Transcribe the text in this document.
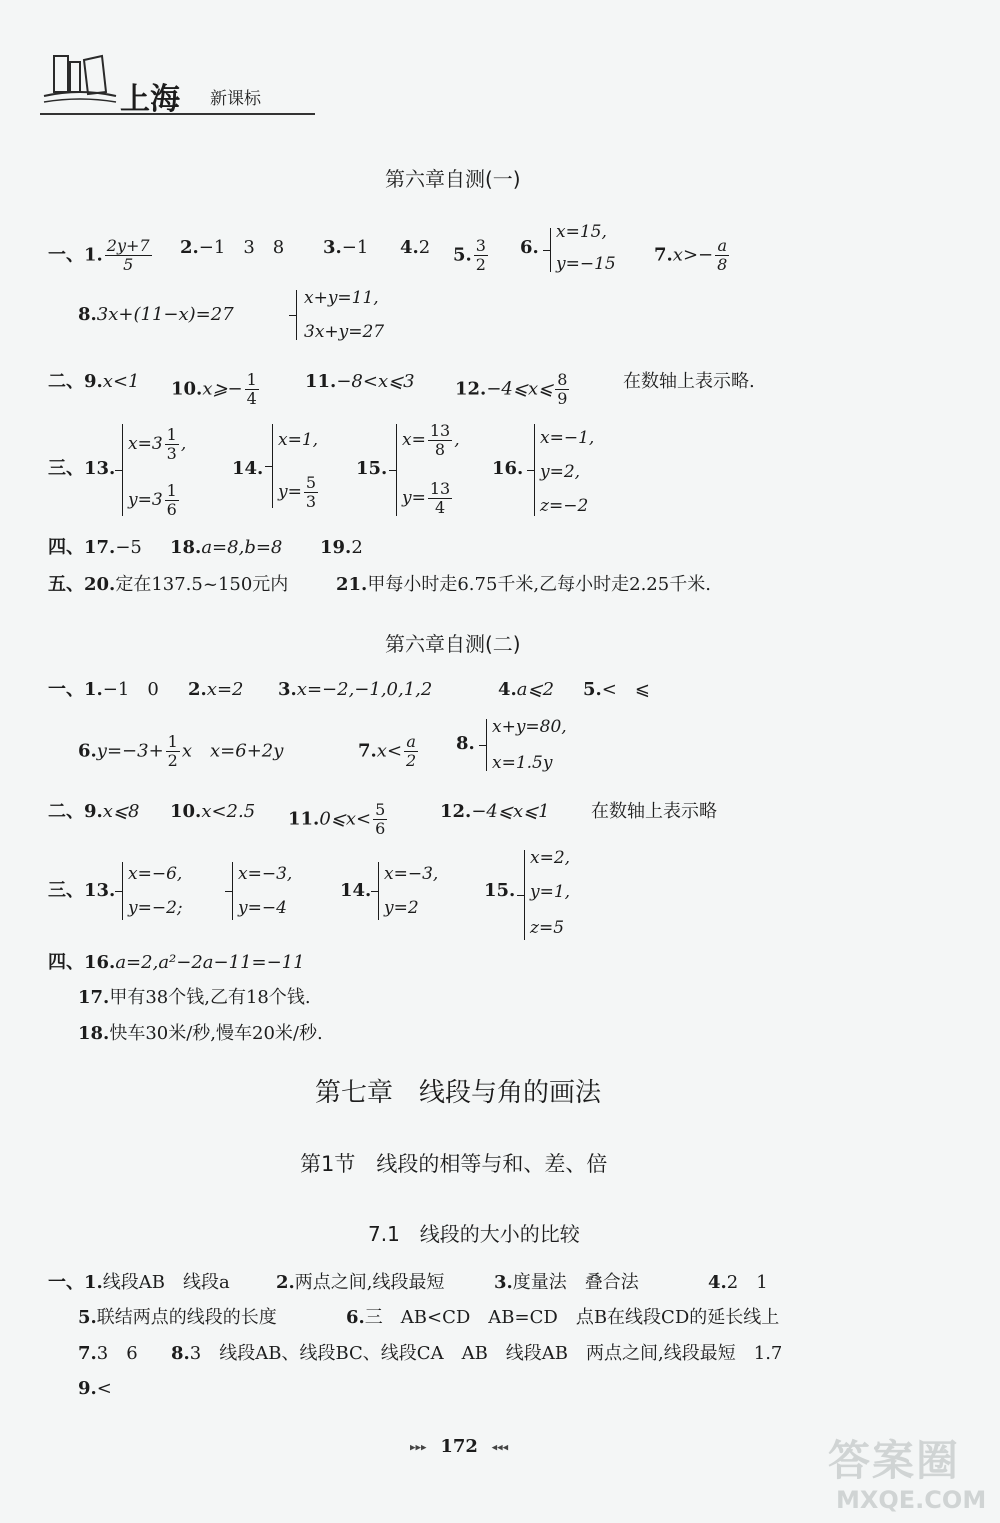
上海 新课标
第六章自测(一)
一、1. $\frac{2y+7}{5} 2.-1$　3　8 3.−1 4.2 5. $\frac{3}{2} 6$.
x=15,
y=−15 $7.x>- \frac{a}{8}$
8.3x+(11−x)=27
x+y=11,
3x+y=27
二、9.x<1 10.x⩾− $\frac{1}{4}$	11.−8<x⩽3 12.−4⩽x⩽ $\frac{8}{9}$	在数轴上表示略.
三、13.
$x=3 \frac{1}{3}$ ,
$y=3 \frac{1}{6}$
14.
x=1,
$y= \frac{5}{3}$
15.
$x= \frac{13}{8}$ ,
$y= \frac{13}{4}$
16.
x=−1,
y=2,
z=−2
四、17.−5 18.a=8,b=8 19.2
五、20.定在137.5~150元内	21.甲每小时走6.75千米,乙每小时走2.25千米.
第六章自测(二)
一、1.−1　0 2.x=2 3.x=−2,−1,0,1,2	4.a⩽2 5.<　⩽
$6.y=-3+ \frac{1}{2}$ x　x=6+2y	$7.x< \frac{a}{2} 8$.
x+y=80,
x=1.5y
二、9.x⩽8 10.x<2.5 11.0⩽x< $\frac{5}{6}$	12.−4⩽x⩽1 在数轴上表示略
三、13.
x=−6,
y=−2;
x=−3,
y=−4
14.
x=−3,
y=2
15.
x=2,
y=1,
z=5
四、16.a=2,a²−2a−11=−11
17.甲有38个钱,乙有18个钱.
18.快车30米/秒,慢车20米/秒.
第七章　线段与角的画法
第1节　线段的相等与和、差、倍
7.1　线段的大小的比较
一、1.线段AB　线段a	2.两点之间,线段最短	3.度量法　叠合法	4.2　1
5.联结两点的线段的长度	6.三　AB<CD　AB=CD　点B在线段CD的延长线上
7.3　6 8.3　线段AB、线段BC、线段CA　AB　线段AB　两点之间,线段最短　1.7
9.<
▸▸▸ 172 ◂◂◂	答案圈
MXQE.COM
